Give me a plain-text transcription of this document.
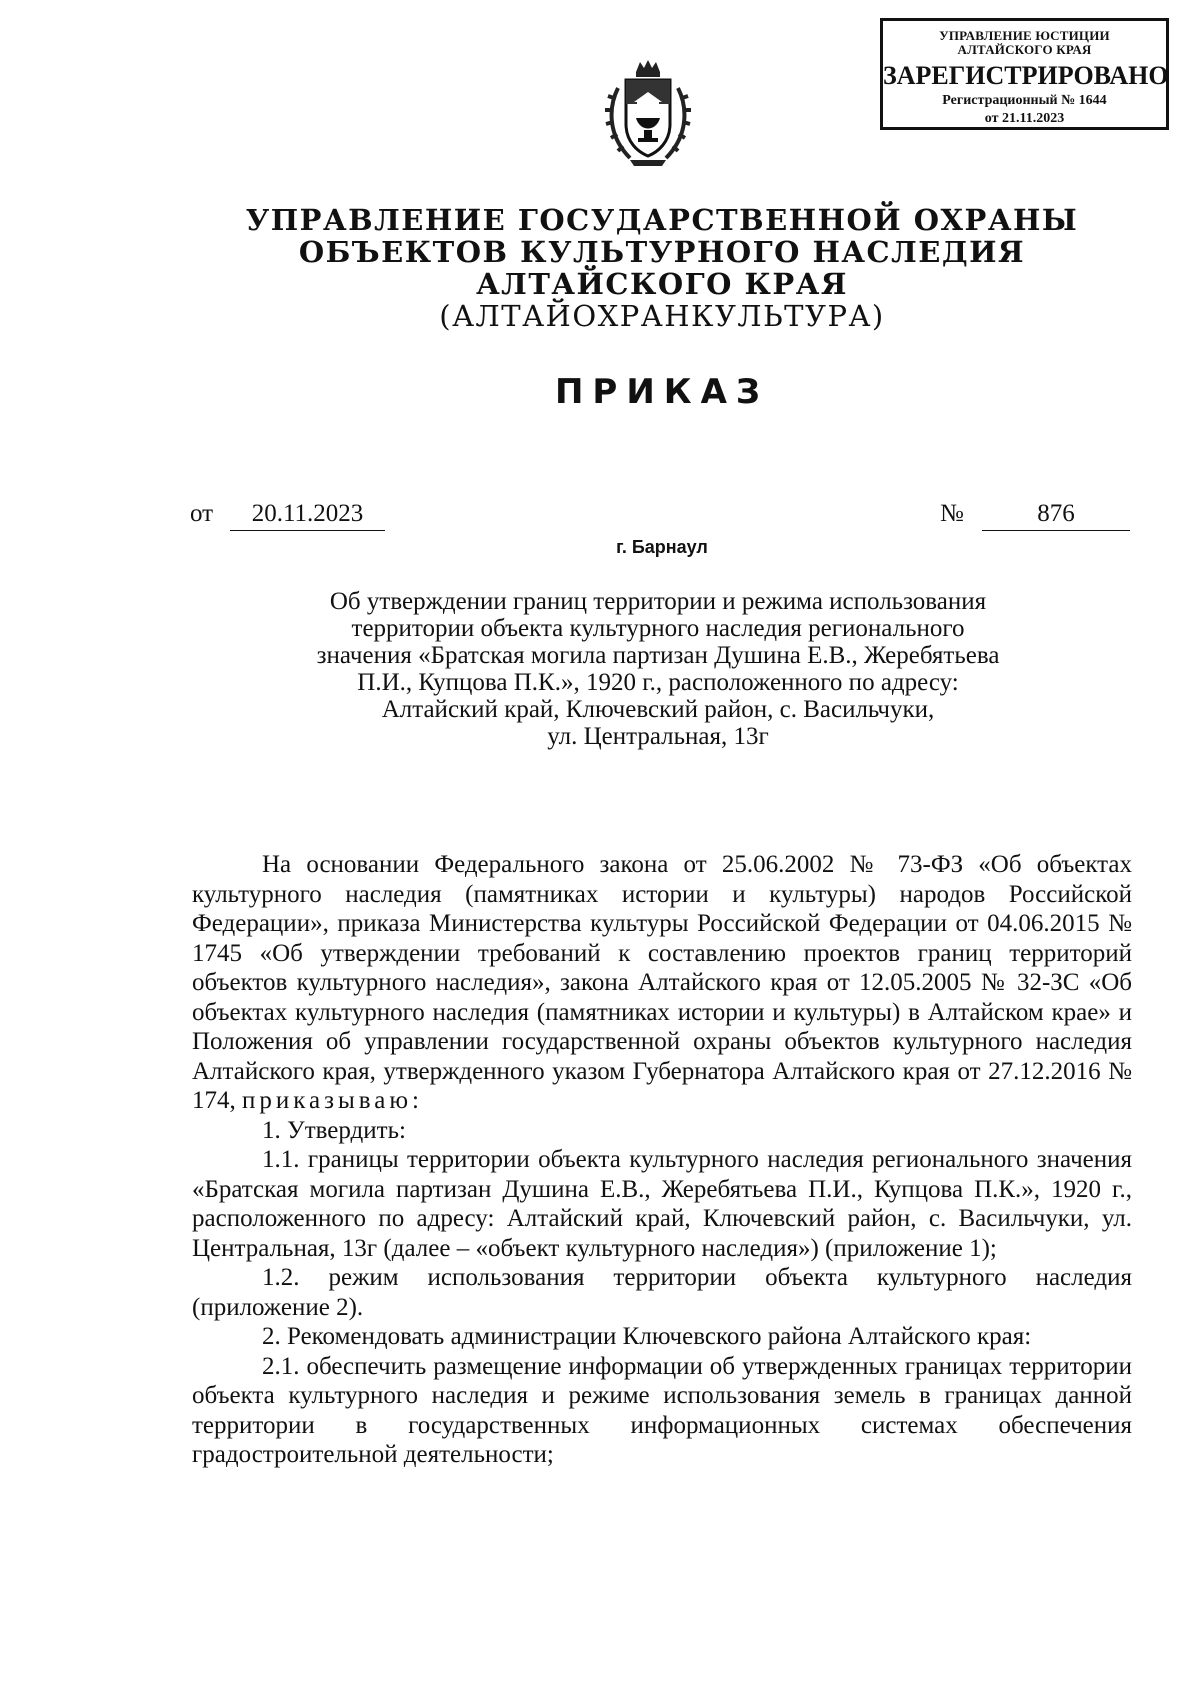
УПРАВЛЕНИЕ ЮСТИЦИИ
АЛТАЙСКОГО КРАЯ
ЗАРЕГИСТРИРОВАНО
Регистрационный № 1644
от 21.11.2023
УПРАВЛЕНИЕ ГОСУДАРСТВЕННОЙ ОХРАНЫ
ОБЪЕКТОВ КУЛЬТУРНОГО НАСЛЕДИЯ
АЛТАЙСКОГО КРАЯ
(АЛТАЙОХРАНКУЛЬТУРА)
ПРИКАЗ
от	20.11.2023	№	876
г. Барнаул
Об утверждении границ территории и режима использования
территории объекта культурного наследия регионального
значения «Братская могила партизан Душина Е.В., Жеребятьева
П.И., Купцова П.К.», 1920 г., расположенного по адресу:
Алтайский край, Ключевский район, с. Васильчуки,
ул. Центральная, 13г

На основании Федерального закона от 25.06.2002 № 73-ФЗ «Об объектах культурного наследия (памятниках истории и культуры) народов Российской Федерации», приказа Министерства культуры Российской Федерации от 04.06.2015 № 1745 «Об утверждении требований к составлению проектов границ территорий объектов культурного наследия», закона Алтайского края от 12.05.2005 № 32-ЗС «Об объектах культурного наследия (памятниках истории и культуры) в Алтайском крае» и Положения об управлении государственной охраны объектов культурного наследия Алтайского края, утвержденного указом Губернатора Алтайского края от 27.12.2016 № 174, приказываю:

1. Утвердить:

1.1. границы территории объекта культурного наследия регионального значения «Братская могила партизан Душина Е.В., Жеребятьева П.И., Купцова П.К.», 1920 г., расположенного по адресу: Алтайский край, Ключевский район, с. Васильчуки, ул. Центральная, 13г (далее – «объект культурного наследия») (приложение 1);

1.2. режим использования территории объекта культурного наследия (приложение 2).

2. Рекомендовать администрации Ключевского района Алтайского края:

2.1. обеспечить размещение информации об утвержденных границах территории объекта культурного наследия и режиме использования земель в границах данной территории в государственных информационных системах обеспечения градостроительной деятельности;
